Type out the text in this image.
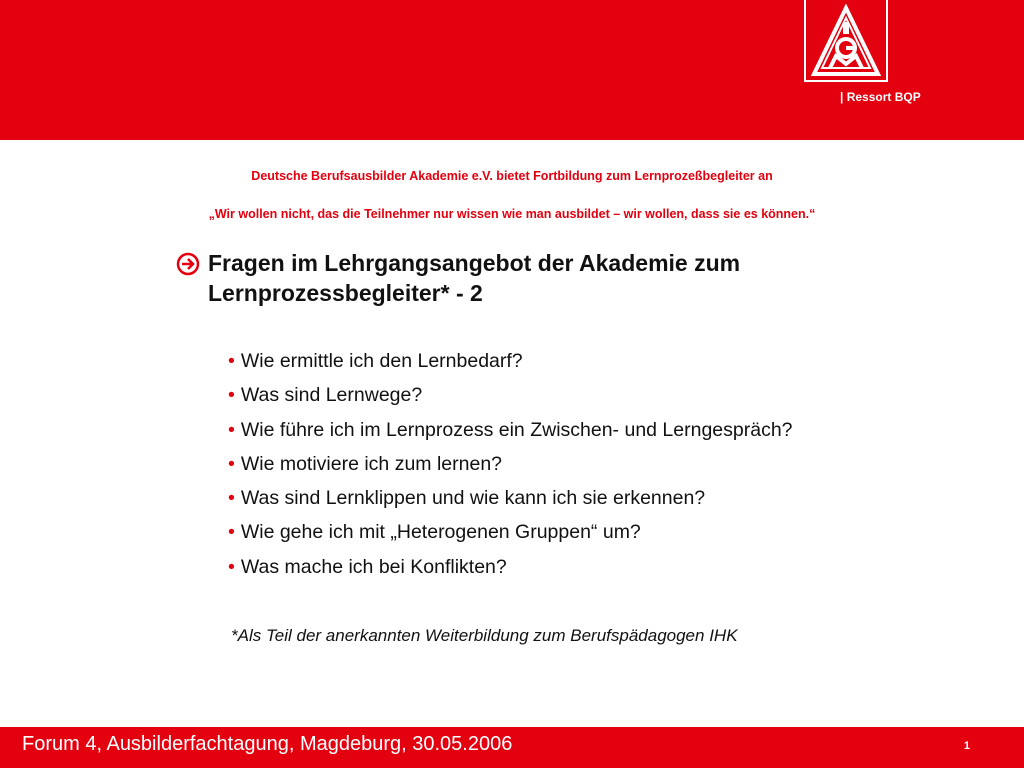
| Ressort BQP
Deutsche Berufsausbilder Akademie e.V. bietet Fortbildung zum Lernprozeßbegleiter an
„Wir wollen nicht, das die Teilnehmer nur wissen wie man ausbildet – wir wollen, dass sie es können.“
Fragen im Lehrgangsangebot der Akademie zum Lernprozessbegleiter* - 2
• Wie ermittle ich den Lernbedarf?
• Was sind Lernwege?
• Wie führe ich im Lernprozess ein Zwischen- und Lerngespräch?
• Wie motiviere ich zum lernen?
• Was sind Lernklippen und wie kann ich sie erkennen?
• Wie gehe ich mit „Heterogenen Gruppen“ um?
• Was mache ich bei Konflikten?
*Als Teil der anerkannten Weiterbildung zum Berufspädagogen IHK
Forum 4, Ausbilderfachtagung, Magdeburg, 30.05.2006	1
